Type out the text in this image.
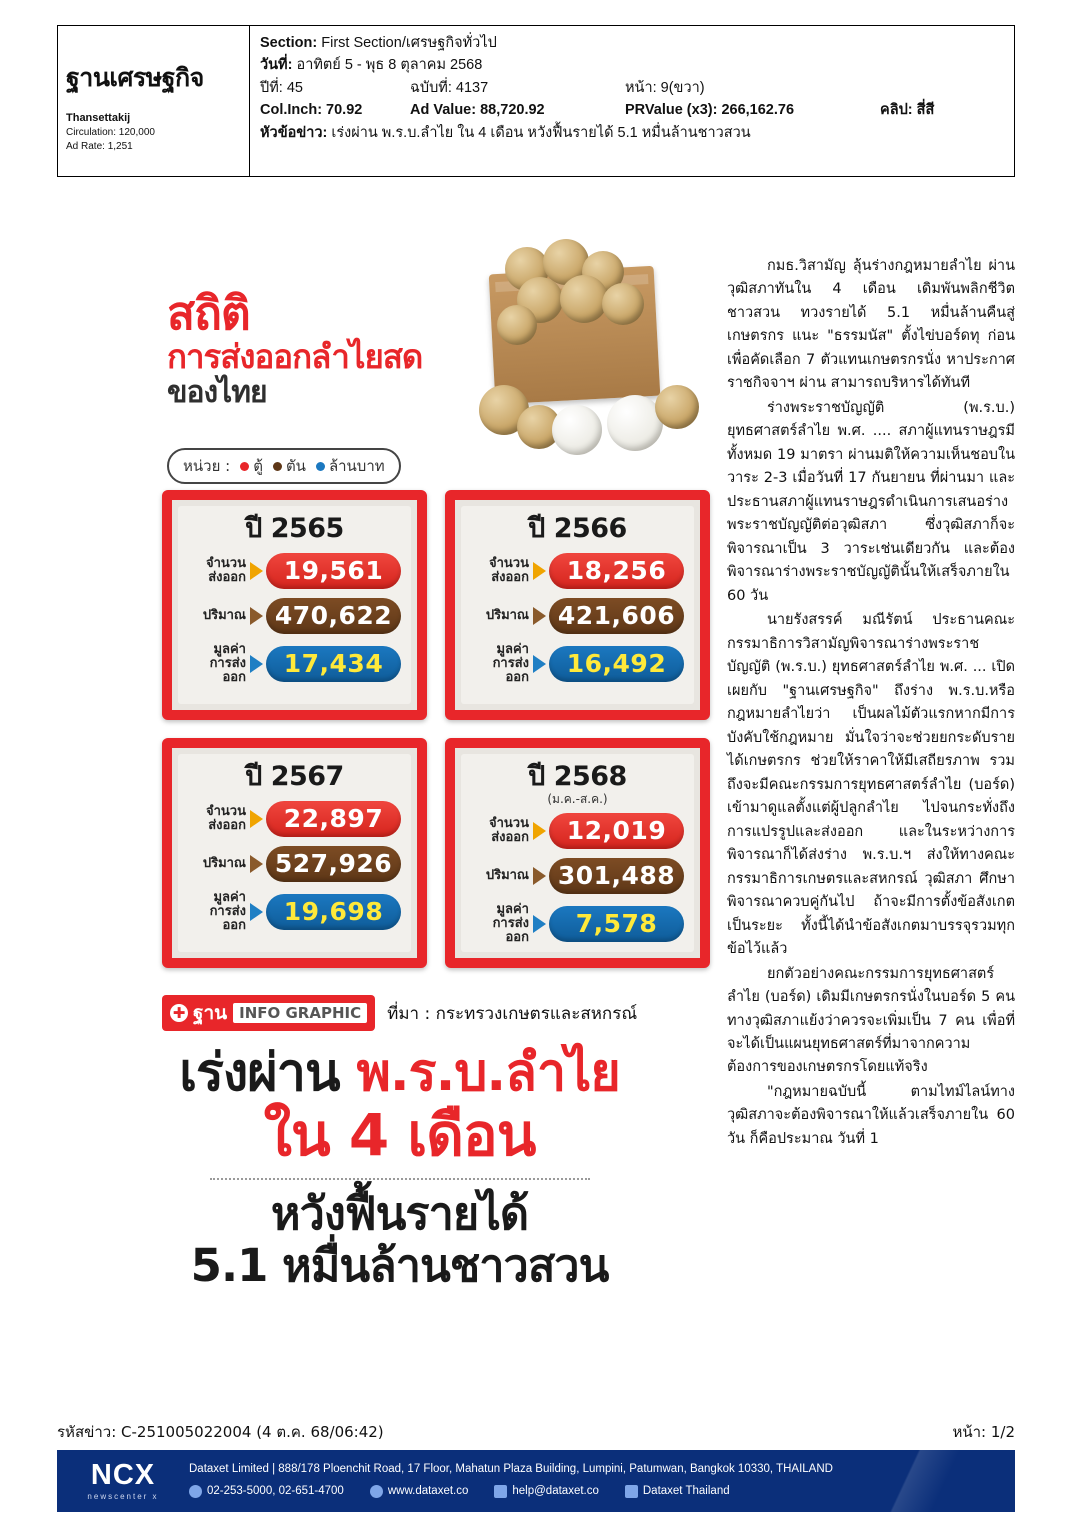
ฐานเศรษฐกิจ
Thansettakij
Circulation: 120,000
Ad Rate: 1,251
Section: First Section/เศรษฐกิจทั่วไป
วันที่: อาทิตย์ 5 - พุธ 8 ตุลาคม 2568
ปีที่: 45	ฉบับที่: 4137	หน้า: 9(ขวา)
Col.Inch: 70.92	Ad Value: 88,720.92	PRValue (x3): 266,162.76	คลิป: สี่สี
หัวข้อข่าว: เร่งผ่าน พ.ร.บ.ลำไย ใน 4 เดือน หวังฟื้นรายได้ 5.1 หมื่นล้านชาวสวน
สถิติ
การส่งออกลำไยสด
ของไทย
หน่วย : ตู้ ตัน ล้านบาท
ปี 2565
จำนวน
ส่งออก	19,561
ปริมาณ	470,622
มูลค่า
การส่งออก	17,434
ปี 2566
จำนวน
ส่งออก	18,256
ปริมาณ	421,606
มูลค่า
การส่งออก	16,492
ปี 2567
จำนวน
ส่งออก	22,897
ปริมาณ	527,926
มูลค่า
การส่งออก	19,698
ปี 2568
(ม.ค.-ส.ค.)
จำนวน
ส่งออก	12,019
ปริมาณ	301,488
มูลค่า
การส่งออก	7,578
✚ ฐาน INFO GRAPHIC	ที่มา : กระทรวงเกษตรและสหกรณ์
เร่งผ่าน พ.ร.บ.ลำไย
ใน 4 เดือน
หวังฟื้นรายได้
5.1 หมื่นล้านชาวสวน

กมธ.วิสามัญ ลุ้นร่างกฎหมายลำไย ผ่านวุฒิสภาทันใน 4 เดือน เดิมพันพลิกชีวิตชาวสวน ทวงรายได้ 5.1 หมื่นล้านคืนสู่เกษตรกร แนะ "ธรรมนัส" ตั้งไข่บอร์ดทุ ก่อน เพื่อคัดเลือก 7 ตัวแทนเกษตรกรนั่ง หาประกาศราชกิจจาฯ ผ่าน สามารถบริหารได้ทันที

ร่างพระราชบัญญัติ (พ.ร.บ.) ยุทธศาสตร์ลำไย พ.ศ. .... สภาผู้แทนราษฎรมีทั้งหมด 19 มาตรา ผ่านมติให้ความเห็นชอบในวาระ 2-3 เมื่อวันที่ 17 กันยายน ที่ผ่านมา และประธานสภาผู้แทนราษฎรดำเนินการเสนอร่างพระราชบัญญัติต่อวุฒิสภา ซึ่งวุฒิสภาก็จะพิจารณาเป็น 3 วาระเช่นเดียวกัน และต้องพิจารณาร่างพระราชบัญญัตินั้นให้เสร็จภายใน 60 วัน

นายรังสรรค์ มณีรัตน์ ประธานคณะกรรมาธิการวิสามัญพิจารณาร่างพระราชบัญญัติ (พ.ร.บ.) ยุทธศาสตร์ลำไย พ.ศ. ... เปิดเผยกับ "ฐานเศรษฐกิจ" ถึงร่าง พ.ร.บ.หรือกฎหมายลำไยว่า เป็นผลไม้ตัวแรกหากมีการบังคับใช้กฎหมาย มั่นใจว่าจะช่วยยกระดับรายได้เกษตรกร ช่วยให้ราคาให้มีเสถียรภาพ รวมถึงจะมีคณะกรรมการยุทธศาสตร์ลำไย (บอร์ด) เข้ามาดูแลตั้งแต่ผู้ปลูกลำไย ไปจนกระทั่งถึงการแปรรูปและส่งออก และในระหว่างการพิจารณาก็ได้ส่งร่าง พ.ร.บ.ฯ ส่งให้ทางคณะกรรมาธิการเกษตรและสหกรณ์ วุฒิสภา ศึกษาพิจารณาควบคู่กันไป ถ้าจะมีการตั้งข้อสังเกตเป็นระยะ ทั้งนี้ได้นำข้อสังเกตมาบรรจุรวมทุกข้อไว้แล้ว

ยกตัวอย่างคณะกรรมการยุทธศาสตร์ลำไย (บอร์ด) เดิมมีเกษตรกรนั่งในบอร์ด 5 คน ทางวุฒิสภาแย้งว่าควรจะเพิ่มเป็น 7 คน เพื่อที่จะได้เป็นแผนยุทธศาสตร์ที่มาจากความต้องการของเกษตรกรโดยแท้จริง

"กฎหมายฉบับนี้ ตามไทม์ไลน์ทางวุฒิสภาจะต้องพิจารณาให้แล้วเสร็จภายใน 60 วัน ก็คือประมาณ วันที่ 1

รหัสข่าว: C-251005022004 (4 ต.ค. 68/06:42)	หน้า: 1/2
NCX
newscenter x
Dataxet Limited | 888/178 Ploenchit Road, 17 Floor, Mahatun Plaza Building, Lumpini, Patumwan, Bangkok 10330, THAILAND
02-253-5000, 02-651-4700	www.dataxet.co	help@dataxet.co	Dataxet Thailand
